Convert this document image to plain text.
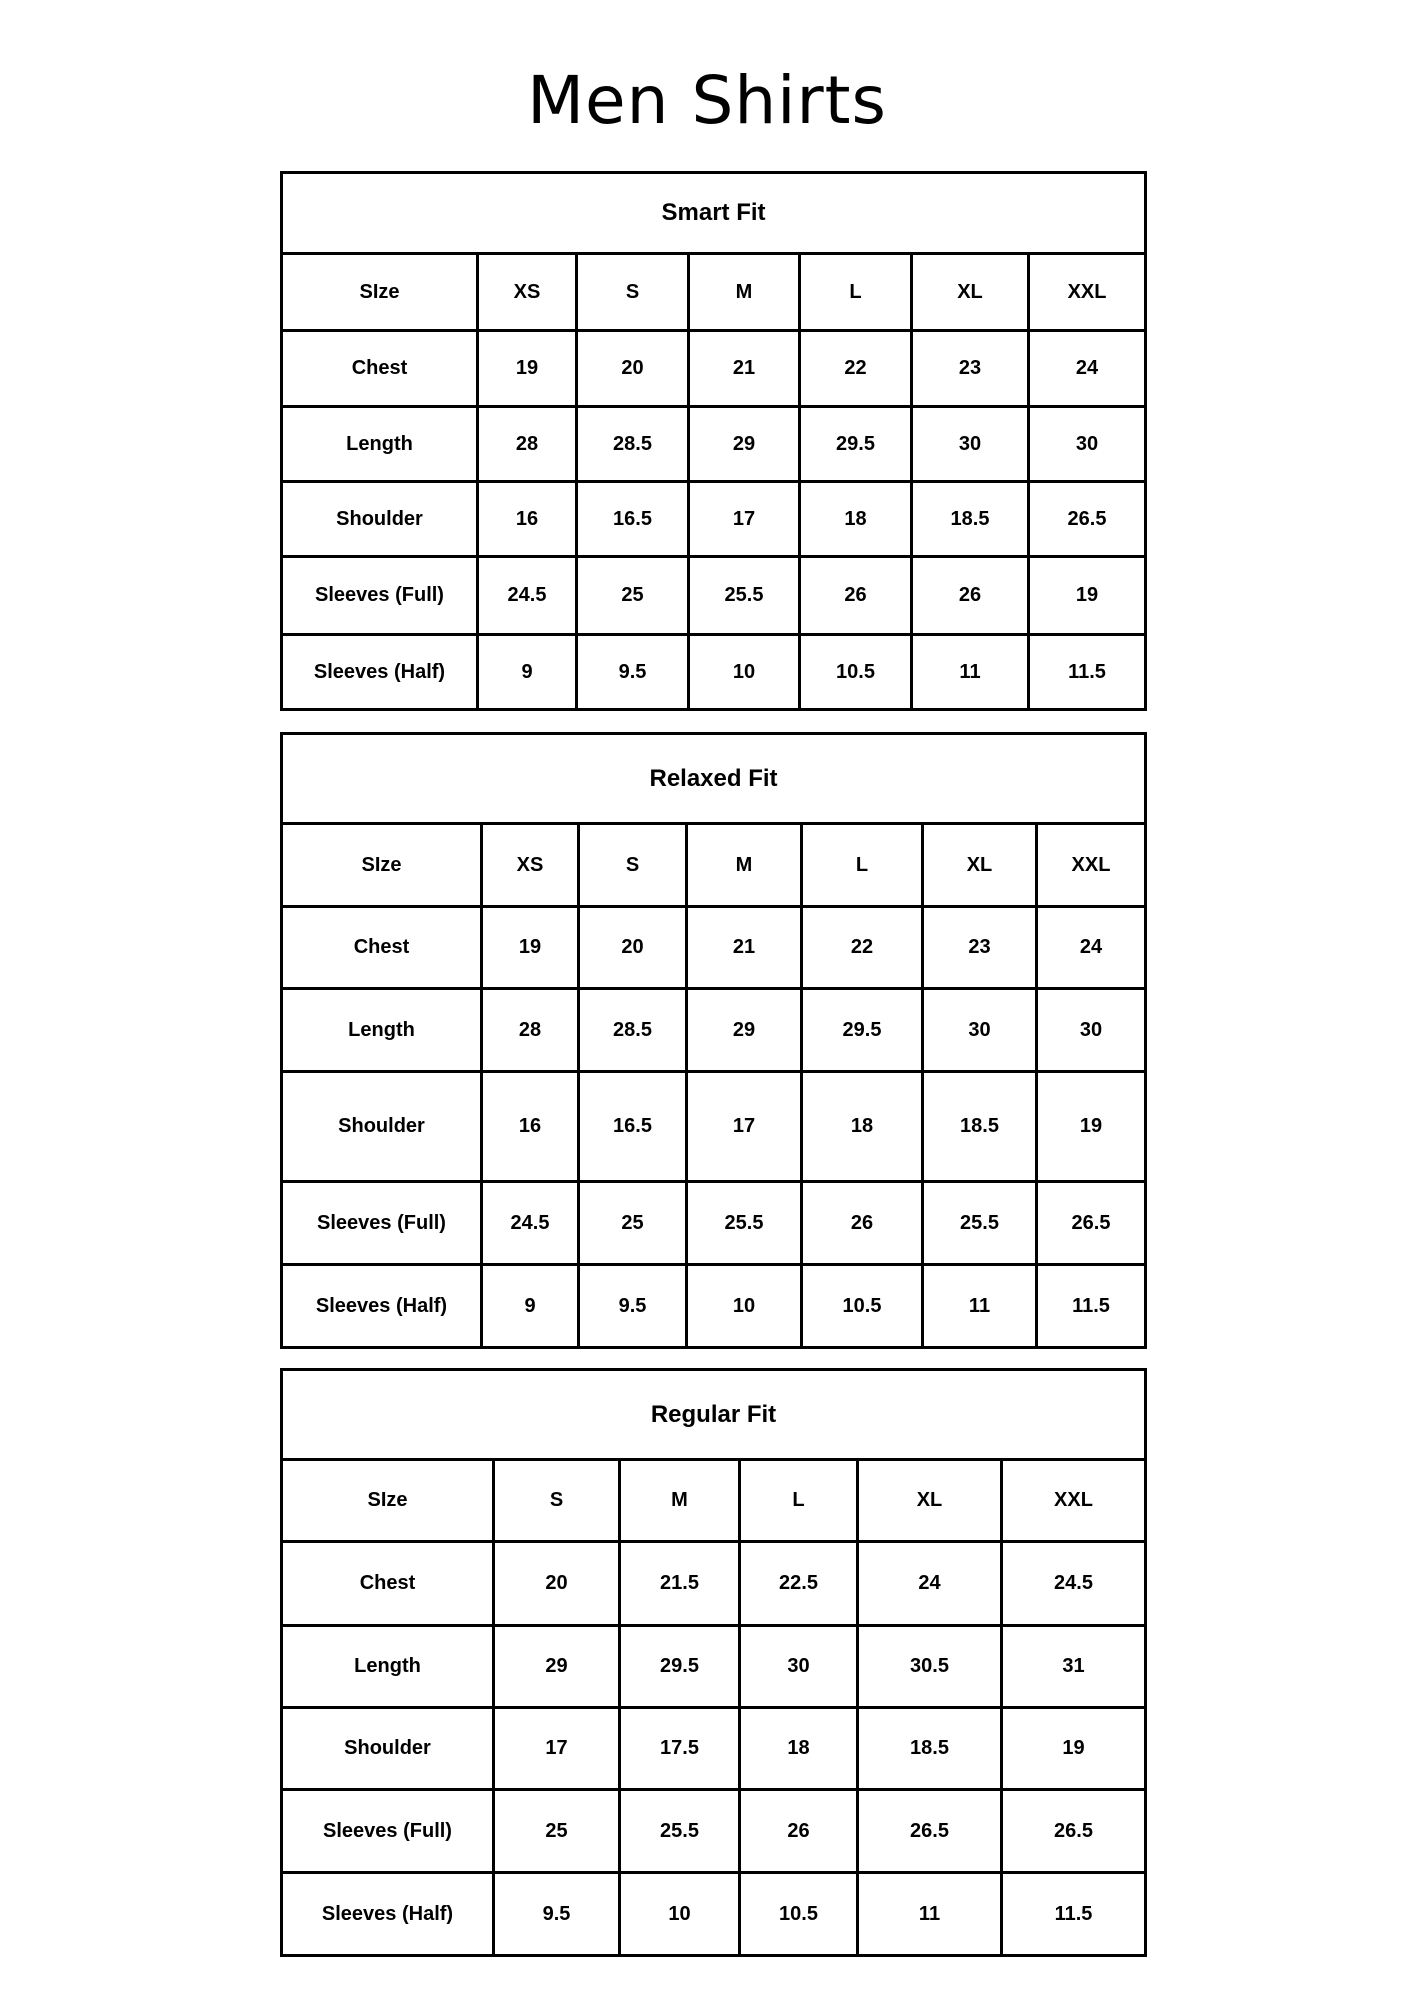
Men Shirts
Smart Fit						
SIze	XS	S	M	L	XL	XXL
Chest	19	20	21	22	23	24
Length	28	28.5	29	29.5	30	30
Shoulder	16	16.5	17	18	18.5	26.5
Sleeves (Full)	24.5	25	25.5	26	26	19
Sleeves (Half)	9	9.5	10	10.5	11	11.5
Relaxed Fit						
SIze	XS	S	M	L	XL	XXL
Chest	19	20	21	22	23	24
Length	28	28.5	29	29.5	30	30
Shoulder	16	16.5	17	18	18.5	19
Sleeves (Full)	24.5	25	25.5	26	25.5	26.5
Sleeves (Half)	9	9.5	10	10.5	11	11.5
Regular Fit					
SIze	S	M	L	XL	XXL
Chest	20	21.5	22.5	24	24.5
Length	29	29.5	30	30.5	31
Shoulder	17	17.5	18	18.5	19
Sleeves (Full)	25	25.5	26	26.5	26.5
Sleeves (Half)	9.5	10	10.5	11	11.5
